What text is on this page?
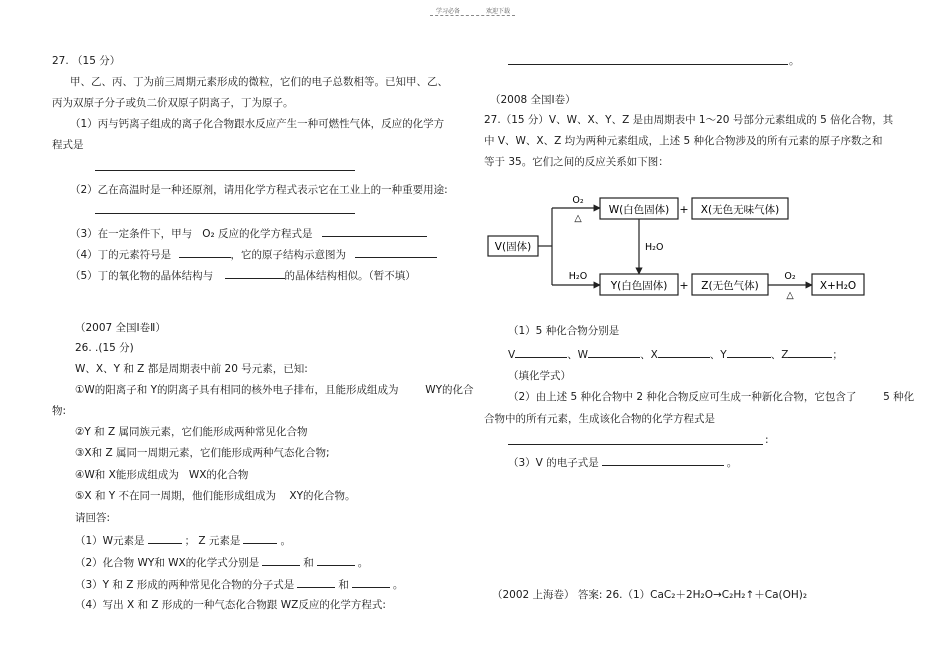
学习必备	欢迎下载
27. （15 分）
甲、乙、丙、丁为前三周期元素形成的微粒，它们的电子总数相等。已知甲、乙、
丙为双原子分子或负二价双原子阴离子，丁为原子。
（1）丙与钙离子组成的离子化合物跟水反应产生一种可燃性气体，反应的化学方
程式是
（2）乙在高温时是一种还原剂，请用化学方程式表示它在工业上的一种重要用途:
（3）在一定条件下，甲与 O₂ 反应的化学方程式是
（4）丁的元素符号是	，它的原子结构示意图为
（5）丁的氧化物的晶体结构与	的晶体结构相似。（暂不填）
（2007 全国Ⅰ卷Ⅱ）
26. .(15 分)
W、X、Y 和 Z 都是周期表中前 20 号元素，已知:
①W的阳离子和 Y的阴离子具有相同的核外电子排布，且能形成组成为	WY的化合
物:
②Y 和 Z 属同族元素，它们能形成两种常见化合物
③X和 Z 属同一周期元素，它们能形成两种气态化合物;
④W和 X能形成组成为 WX的化合物
⑤X 和 Y 不在同一周期，他们能形成组成为 XY的化合物。
请回答:
（1）W元素是	； Z 元素是	。
（2）化合物 WY和 WX的化学式分别是	和	。
（3）Y 和 Z 形成的两种常见化合物的分子式是	和	。
（4）写出 X 和 Z 形成的一种气态化合物跟 WZ反应的化学方程式:
。
（2008 全国Ⅰ卷）
27.（15 分）V、W、X、Y、Z 是由周期表中 1～20 号部分元素组成的 5 倍化合物，其
中 V、W、X、Z 均为两种元素组成，上述 5 种化合物涉及的所有元素的原子序数之和
等于 35。它们之间的反应关系如下图：
V(固体)
O₂
△
H₂O
W(白色固体) + X(无色无味气体)
H₂O
Y(白色固体) + Z(无色气体)
O₂
△
X+H₂O
（1）5 种化合物分别是
V	、W	、X	、Y	、Z	；
（填化学式）
（2）由上述 5 种化合物中 2 种化合物反应可生成一种新化合物，它包含了	5 种化
合物中的所有元素，生成该化合物的化学方程式是
:
（3）V 的电子式是	。
（2002 上海卷） 答案: 26.（1）CaC₂＋2H₂O→C₂H₂↑＋Ca(OH)₂
